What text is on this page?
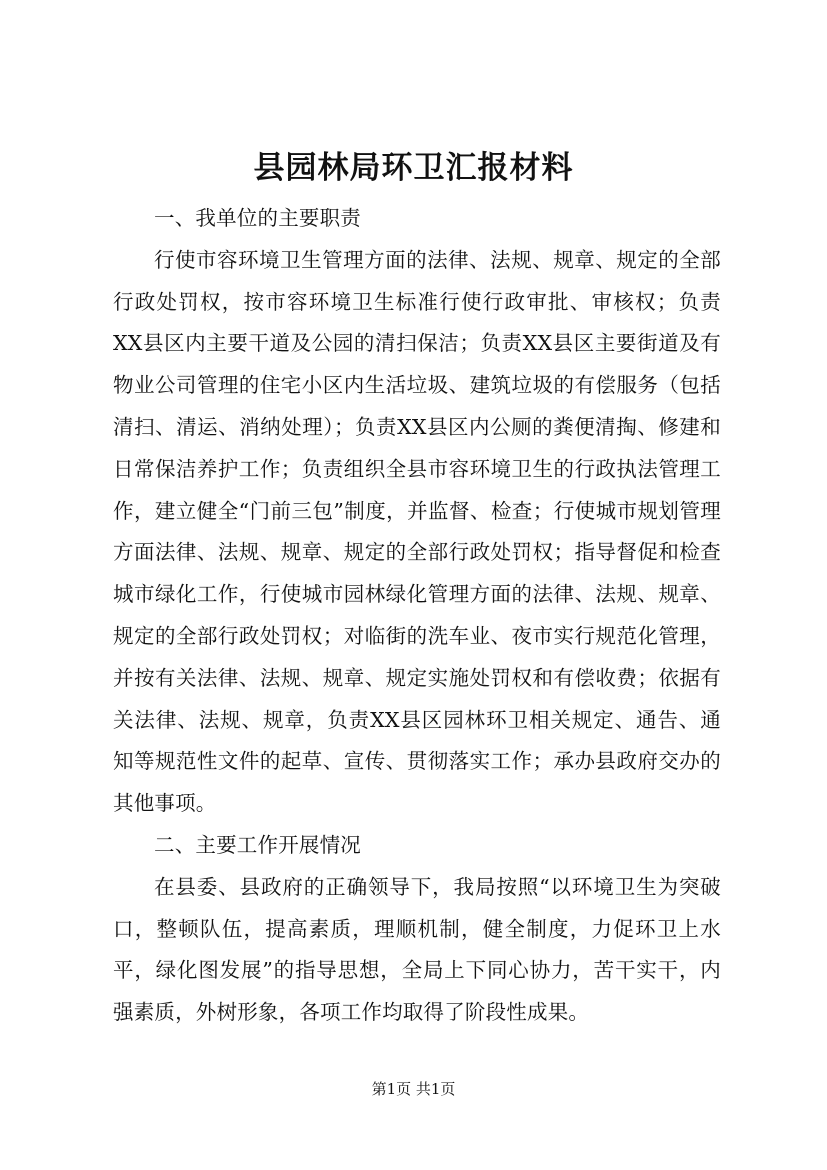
县园林局环卫汇报材料

一、我单位的主要职责

行使市容环境卫生管理方面的法律、法规、规章、规定的全部行政处罚权，按市容环境卫生标准行使行政审批、审核权；负责XX县区内主要干道及公园的清扫保洁；负责XX县区主要街道及有物业公司管理的住宅小区内生活垃圾、建筑垃圾的有偿服务（包括清扫、清运、消纳处理）；负责XX县区内公厕的粪便清掏、修建和日常保洁养护工作；负责组织全县市容环境卫生的行政执法管理工作，建立健全“门前三包”制度，并监督、检查；行使城市规划管理方面法律、法规、规章、规定的全部行政处罚权；指导督促和检查城市绿化工作，行使城市园林绿化管理方面的法律、法规、规章、规定的全部行政处罚权；对临街的洗车业、夜市实行规范化管理，并按有关法律、法规、规章、规定实施处罚权和有偿收费；依据有关法律、法规、规章，负责XX县区园林环卫相关规定、通告、通知等规范性文件的起草、宣传、贯彻落实工作；承办县政府交办的其他事项。

二、主要工作开展情况

在县委、县政府的正确领导下，我局按照“以环境卫生为突破口，整顿队伍，提高素质，理顺机制，健全制度，力促环卫上水平，绿化图发展”的指导思想，全局上下同心协力，苦干实干，内强素质，外树形象，各项工作均取得了阶段性成果。

第1页 共1页
